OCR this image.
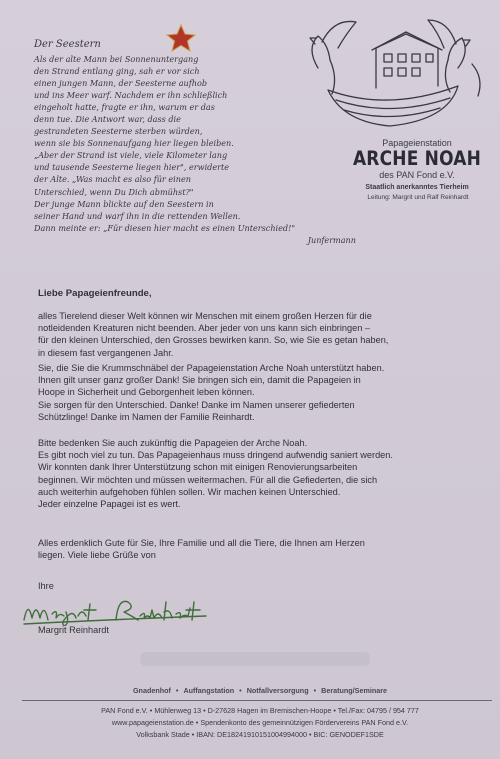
Der Seestern
Als der alte Mann bei Sonnenuntergang
den Strand entlang ging, sah er vor sich
einen jungen Mann, der Seesterne aufhob
und ins Meer warf. Nachdem er ihn schließlich
eingeholt hatte, fragte er ihn, warum er das
denn tue. Die Antwort war, dass die
gestrandeten Seesterne sterben würden,
wenn sie bis Sonnenaufgang hier liegen bleiben.
„Aber der Strand ist viele, viele Kilometer lang
und tausende Seesterne liegen hier", erwiderte
der Alte. „Was macht es also für einen
Unterschied, wenn Du Dich abmühst?"
Der junge Mann blickte auf den Seestern in
seiner Hand und warf ihn in die rettenden Wellen.
Dann meinte er: „Für diesen hier macht es einen Unterschied!"
Junfermann
Papageienstation
ARCHE NOAH
des PAN Fond e.V.
Staatlich anerkanntes Tierheim
Leitung: Margrit und Ralf Reinhardt
Liebe Papageienfreunde,
alles Tierelend dieser Welt können wir Menschen mit einem großen Herzen für die
notleidenden Kreaturen nicht beenden. Aber jeder von uns kann sich einbringen –
für den kleinen Unterschied, den Grosses bewirken kann. So, wie Sie es getan haben,
in diesem fast vergangenen Jahr.
Sie, die Sie die Krummschnäbel der Papageienstation Arche Noah unterstützt haben.
Ihnen gilt unser ganz großer Dank! Sie bringen sich ein, damit die Papageien in
Hoope in Sicherheit und Geborgenheit leben können.
Sie sorgen für den Unterschied. Danke! Danke im Namen unserer gefiederten
Schützlinge! Danke im Namen der Familie Reinhardt.
Bitte bedenken Sie auch zukünftig die Papageien der Arche Noah.
Es gibt noch viel zu tun. Das Papageienhaus muss dringend aufwendig saniert werden.
Wir konnten dank Ihrer Unterstützung schon mit einigen Renovierungsarbeiten
beginnen. Wir möchten und müssen weitermachen. Für all die Gefiederten, die sich
auch weiterhin aufgehoben fühlen sollen. Wir machen keinen Unterschied.
Jeder einzelne Papagei ist es wert.
Alles erdenklich Gute für Sie, Ihre Familie und all die Tiere, die Ihnen am Herzen
liegen. Viele liebe Grüße von
Ihre
Margrit Reinhardt
Gnadenhof • Auffangstation • Notfallversorgung • Beratung/Seminare
PAN Fond e.V. • Mühlenweg 13 • D-27628 Hagen im Bremischen-Hoope • Tel./Fax: 04795 / 954 777
www.papageienstation.de • Spendenkonto des gemeinnützigen Fördervereins PAN Fond e.V.
Volksbank Stade • IBAN: DE18241910151004994000 • BIC: GENODEF1SDE
